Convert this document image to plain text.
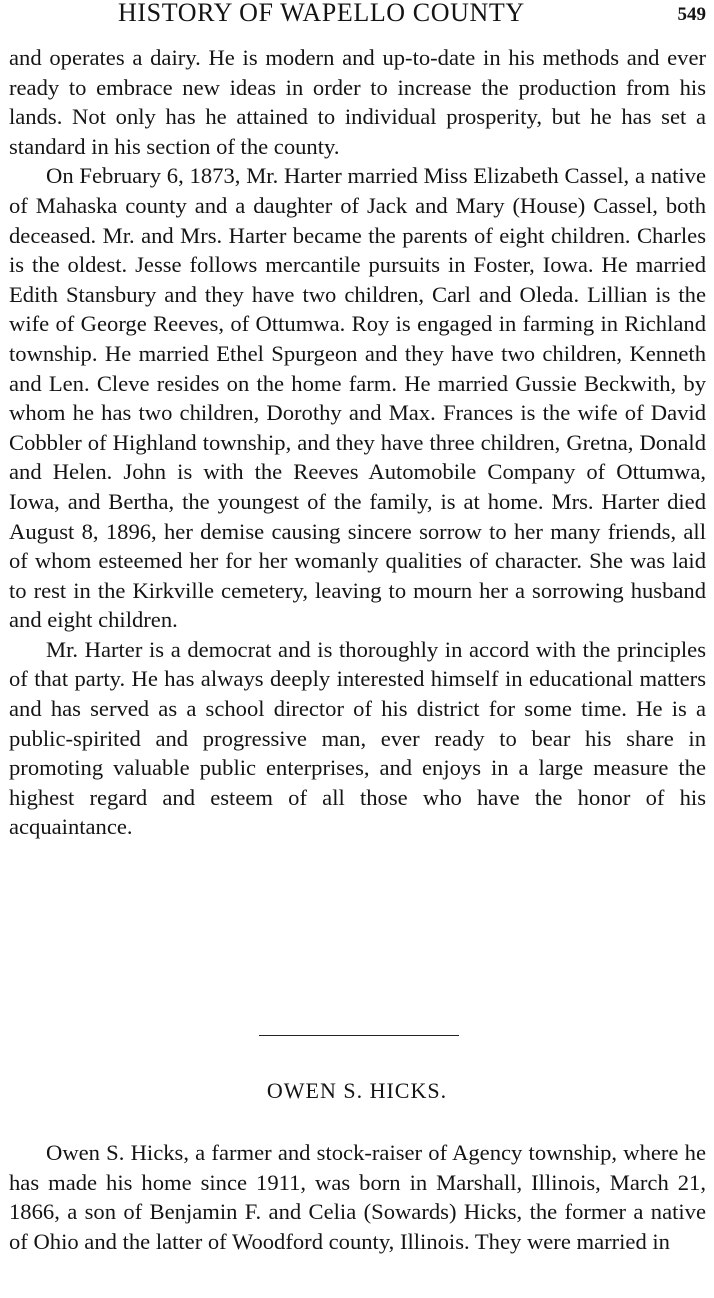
HISTORY OF WAPELLO COUNTY	549

and operates a dairy. He is modern and up-to-date in his methods and ever ready to embrace new ideas in order to increase the production from his lands. Not only has he attained to individual prosperity, but he has set a standard in his section of the county.

On February 6, 1873, Mr. Harter married Miss Elizabeth Cassel, a native of Mahaska county and a daughter of Jack and Mary (House) Cassel, both deceased. Mr. and Mrs. Harter became the parents of eight children. Charles is the oldest. Jesse follows mercantile pursuits in Foster, Iowa. He married Edith Stansbury and they have two children, Carl and Oleda. Lillian is the wife of George Reeves, of Ottumwa. Roy is engaged in farming in Richland township. He married Ethel Spurgeon and they have two children, Kenneth and Len. Cleve resides on the home farm. He married Gussie Beckwith, by whom he has two children, Dorothy and Max. Frances is the wife of David Cobbler of Highland township, and they have three children, Gretna, Donald and Helen. John is with the Reeves Automobile Company of Ottumwa, Iowa, and Bertha, the youngest of the family, is at home. Mrs. Harter died August 8, 1896, her demise causing sincere sorrow to her many friends, all of whom esteemed her for her womanly qualities of character. She was laid to rest in the Kirkville cemetery, leaving to mourn her a sorrowing husband and eight children.

Mr. Harter is a democrat and is thoroughly in accord with the principles of that party. He has always deeply interested himself in educational matters and has served as a school director of his district for some time. He is a public-spirited and progressive man, ever ready to bear his share in promoting valuable public enterprises, and enjoys in a large measure the highest regard and esteem of all those who have the honor of his acquaintance.

OWEN S. HICKS.

Owen S. Hicks, a farmer and stock-raiser of Agency township, where he has made his home since 1911, was born in Marshall, Illinois, March 21, 1866, a son of Benjamin F. and Celia (Sowards) Hicks, the former a native of Ohio and the latter of Woodford county, Illinois. They were married in
